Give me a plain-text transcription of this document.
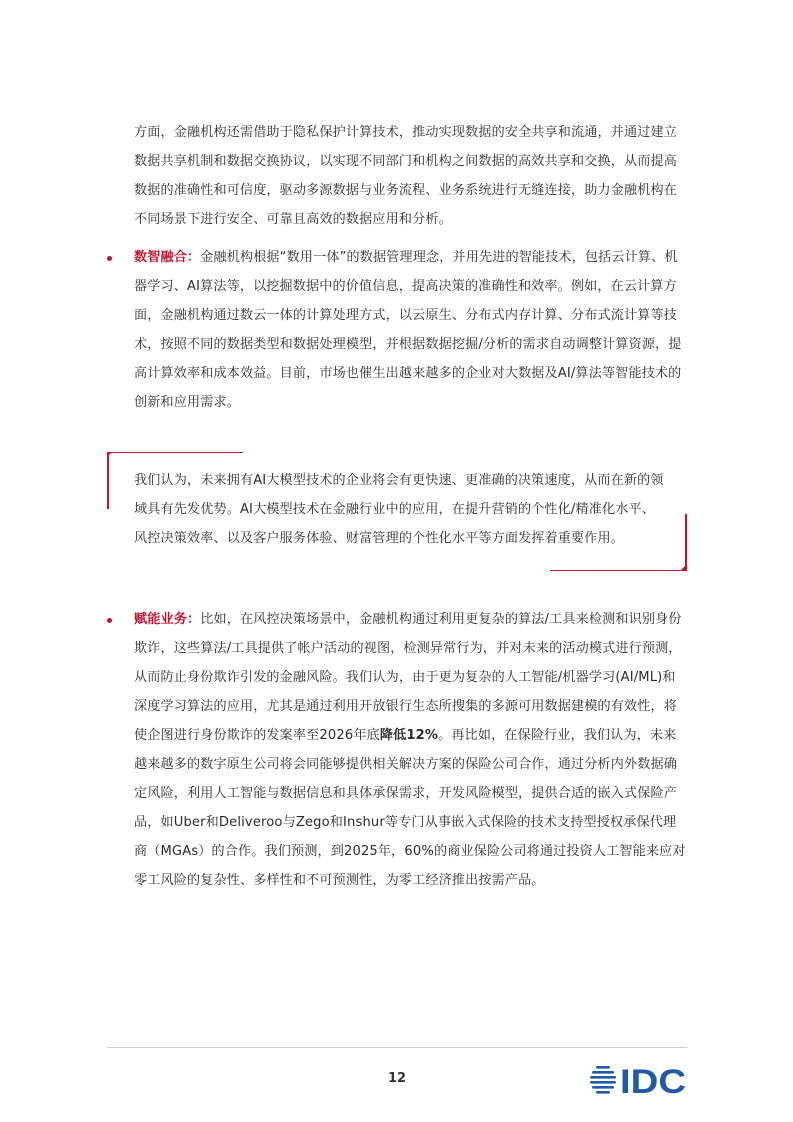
方面，金融机构还需借助于隐私保护计算技术，推动实现数据的安全共享和流通，并通过建立数据共享机制和数据交换协议，以实现不同部门和机构之间数据的高效共享和交换，从而提高数据的准确性和可信度，驱动多源数据与业务流程、业务系统进行无缝连接，助力金融机构在不同场景下进行安全、可靠且高效的数据应用和分析。
数智融合：金融机构根据“数用一体”的数据管理理念，并用先进的智能技术，包括云计算、机器学习、AI算法等，以挖掘数据中的价值信息，提高决策的准确性和效率。例如，在云计算方面，金融机构通过数云一体的计算处理方式，以云原生、分布式内存计算、分布式流计算等技术，按照不同的数据类型和数据处理模型，并根据数据挖掘/分析的需求自动调整计算资源，提高计算效率和成本效益。目前，市场也催生出越来越多的企业对大数据及AI/算法等智能技术的创新和应用需求。
我们认为，未来拥有AI大模型技术的企业将会有更快速、更准确的决策速度，从而在新的领域具有先发优势。AI大模型技术在金融行业中的应用，在提升营销的个性化/精准化水平、风控决策效率、以及客户服务体验、财富管理的个性化水平等方面发挥着重要作用。
赋能业务：比如，在风控决策场景中，金融机构通过利用更复杂的算法/工具来检测和识别身份欺诈，这些算法/工具提供了帐户活动的视图，检测异常行为，并对未来的活动模式进行预测，从而防止身份欺诈引发的金融风险。我们认为，由于更为复杂的人工智能/机器学习(AI/ML)和深度学习算法的应用，尤其是通过利用开放银行生态所搜集的多源可用数据建模的有效性，将使企图进行身份欺诈的发案率至2026年底降低12%。再比如，在保险行业，我们认为，未来越来越多的数字原生公司将会同能够提供相关解决方案的保险公司合作，通过分析内外数据确定风险，利用人工智能与数据信息和具体承保需求，开发风险模型，提供合适的嵌入式保险产品，如Uber和Deliveroo与Zego和Inshur等专门从事嵌入式保险的技术支持型授权承保代理商（MGAs）的合作。我们预测，到2025年，60%的商业保险公司将通过投资人工智能来应对零工风险的复杂性、多样性和不可预测性，为零工经济推出按需产品。
12	IDC
